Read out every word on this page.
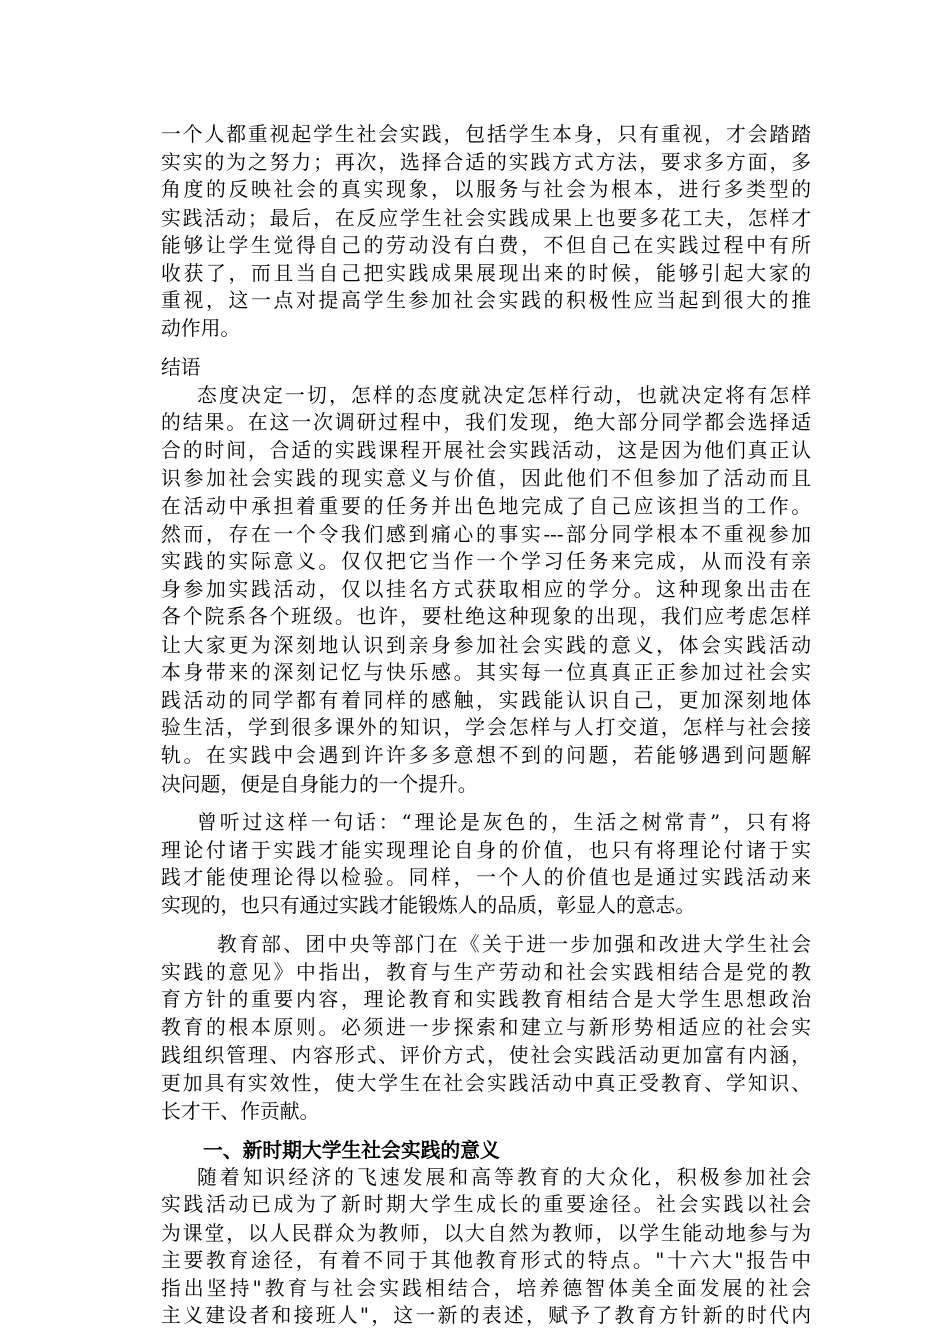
一个人都重视起学生社会实践，包括学生本身，只有重视，才会踏踏
实实的为之努力；再次，选择合适的实践方式方法，要求多方面，多
角度的反映社会的真实现象，以服务与社会为根本，进行多类型的
实践活动；最后，在反应学生社会实践成果上也要多花工夫，怎样才
能够让学生觉得自己的劳动没有白费，不但自己在实践过程中有所
收获了，而且当自己把实践成果展现出来的时候，能够引起大家的
重视，这一点对提高学生参加社会实践的积极性应当起到很大的推
动作用。
结语
态度决定一切，怎样的态度就决定怎样行动，也就决定将有怎样
的结果。在这一次调研过程中，我们发现，绝大部分同学都会选择适
合的时间，合适的实践课程开展社会实践活动，这是因为他们真正认
识参加社会实践的现实意义与价值，因此他们不但参加了活动而且
在活动中承担着重要的任务并出色地完成了自己应该担当的工作。
然而，存在一个令我们感到痛心的事实---部分同学根本不重视参加
实践的实际意义。仅仅把它当作一个学习任务来完成，从而没有亲
身参加实践活动，仅以挂名方式获取相应的学分。这种现象出击在
各个院系各个班级。也许，要杜绝这种现象的出现，我们应考虑怎样
让大家更为深刻地认识到亲身参加社会实践的意义，体会实践活动
本身带来的深刻记忆与快乐感。其实每一位真真正正参加过社会实
践活动的同学都有着同样的感触，实践能认识自己，更加深刻地体
验生活，学到很多课外的知识，学会怎样与人打交道，怎样与社会接
轨。在实践中会遇到许许多多意想不到的问题，若能够遇到问题解
决问题，便是自身能力的一个提升。
曾听过这样一句话：“理论是灰色的，生活之树常青”，只有将
理论付诸于实践才能实现理论自身的价值，也只有将理论付诸于实
践才能使理论得以检验。同样，一个人的价值也是通过实践活动来
实现的，也只有通过实践才能锻炼人的品质，彰显人的意志。
教育部、团中央等部门在《关于进一步加强和改进大学生社会
实践的意见》中指出，教育与生产劳动和社会实践相结合是党的教
育方针的重要内容，理论教育和实践教育相结合是大学生思想政治
教育的根本原则。必须进一步探索和建立与新形势相适应的社会实
践组织管理、内容形式、评价方式，使社会实践活动更加富有内涵，
更加具有实效性，使大学生在社会实践活动中真正受教育、学知识、
长才干、作贡献。
一、新时期大学生社会实践的意义
随着知识经济的飞速发展和高等教育的大众化，积极参加社会
实践活动已成为了新时期大学生成长的重要途径。社会实践以社会
为课堂，以人民群众为教师，以大自然为教师，以学生能动地参与为
主要教育途径，有着不同于其他教育形式的特点。"十六大"报告中
指出坚持"教育与社会实践相结合，培养德智体美全面发展的社会
主义建设者和接班人"，这一新的表述，赋予了教育方针新的时代内
